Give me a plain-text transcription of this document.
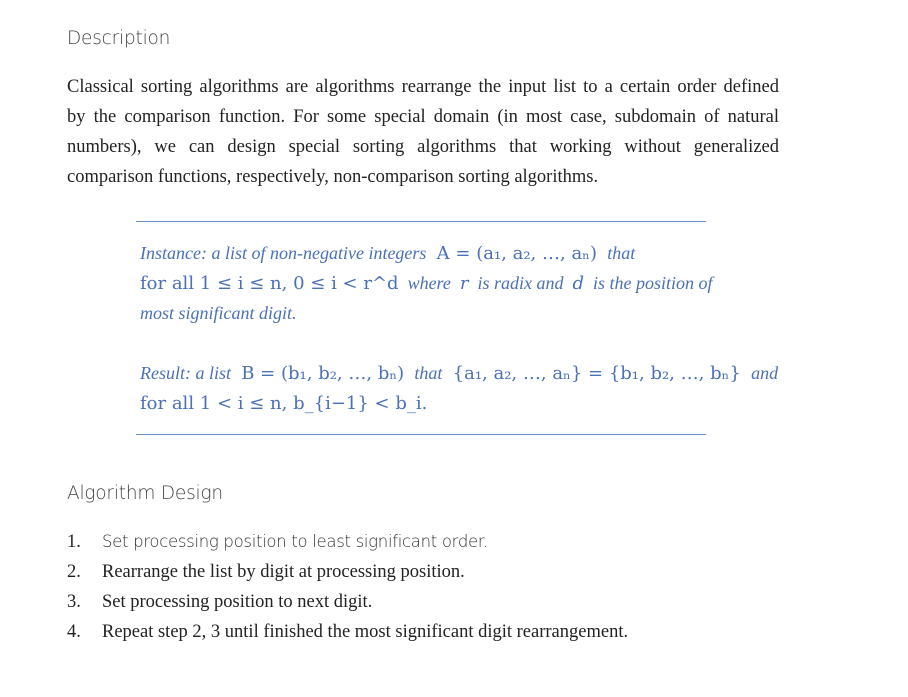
Description
Classical sorting algorithms are algorithms rearrange the input list to a certain order defined
by the comparison function. For some special domain (in most case, subdomain of natural
numbers), we can design special sorting algorithms that working without generalized
comparison functions, respectively, non-comparison sorting algorithms.
Instance: a list of non-negative integers A = (a₁, a₂, …, aₙ) that
for all 1 ≤ i ≤ n, 0 ≤ i < r^d where r is radix and d is the position of
most significant digit.
Result: a list B = (b₁, b₂, …, bₙ) that {a₁, a₂, …, aₙ} = {b₁, b₂, …, bₙ} and
for all 1 < i ≤ n, b_{i−1} < b_i.
Algorithm Design
1. Set processing position to least significant order.
2. Rearrange the list by digit at processing position.
3. Set processing position to next digit.
4. Repeat step 2, 3 until finished the most significant digit rearrangement.
